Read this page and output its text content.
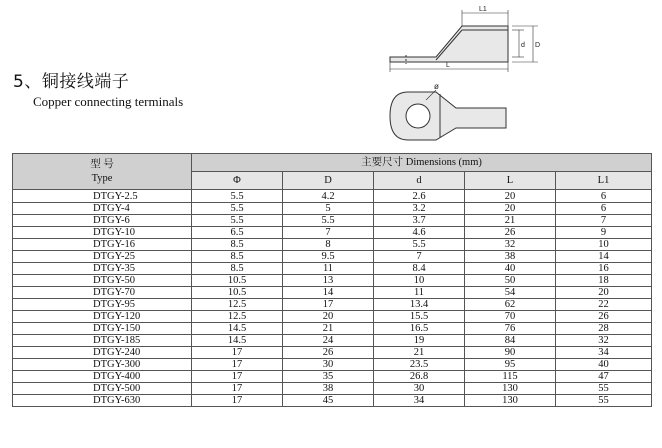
5、铜接线端子
Copper connecting terminals
L1
L
d D
ø
型 号
Type	主要尺寸 Dimensions (mm)				
	Φ	D	d	L	L1
DTGY-2.5	5.5	4.2	2.6	20	6
DTGY-4	5.5	5	3.2	20	6
DTGY-6	5.5	5.5	3.7	21	7
DTGY-10	6.5	7	4.6	26	9
DTGY-16	8.5	8	5.5	32	10
DTGY-25	8.5	9.5	7	38	14
DTGY-35	8.5	11	8.4	40	16
DTGY-50	10.5	13	10	50	18
DTGY-70	10.5	14	11	54	20
DTGY-95	12.5	17	13.4	62	22
DTGY-120	12.5	20	15.5	70	26
DTGY-150	14.5	21	16.5	76	28
DTGY-185	14.5	24	19	84	32
DTGY-240	17	26	21	90	34
DTGY-300	17	30	23.5	95	40
DTGY-400	17	35	26.8	115	47
DTGY-500	17	38	30	130	55
DTGY-630	17	45	34	130	55
